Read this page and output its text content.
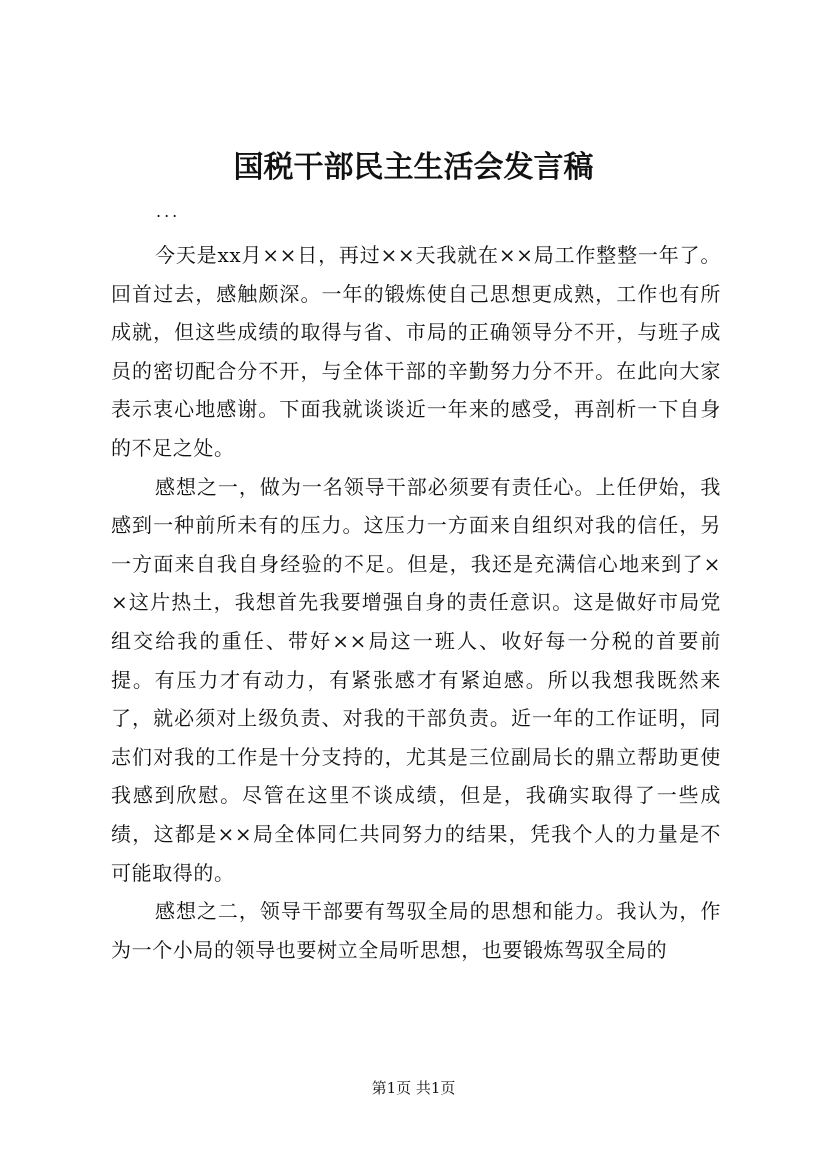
国税干部民主生活会发言稿
...

今天是xx月××日，再过××天我就在××局工作整整一年了。回首过去，感触颇深。一年的锻炼使自己思想更成熟，工作也有所成就，但这些成绩的取得与省、市局的正确领导分不开，与班子成员的密切配合分不开，与全体干部的辛勤努力分不开。在此向大家表示衷心地感谢。下面我就谈谈近一年来的感受，再剖析一下自身的不足之处。

感想之一，做为一名领导干部必须要有责任心。上任伊始，我感到一种前所未有的压力。这压力一方面来自组织对我的信任，另一方面来自我自身经验的不足。但是，我还是充满信心地来到了××这片热土，我想首先我要增强自身的责任意识。这是做好市局党组交给我的重任、带好××局这一班人、收好每一分税的首要前提。有压力才有动力，有紧张感才有紧迫感。所以我想我既然来了，就必须对上级负责、对我的干部负责。近一年的工作证明，同志们对我的工作是十分支持的，尤其是三位副局长的鼎立帮助更使我感到欣慰。尽管在这里不谈成绩，但是，我确实取得了一些成绩，这都是××局全体同仁共同努力的结果，凭我个人的力量是不可能取得的。

感想之二，领导干部要有驾驭全局的思想和能力。我认为，作为一个小局的领导也要树立全局听思想，也要锻炼驾驭全局的

第1页 共1页
